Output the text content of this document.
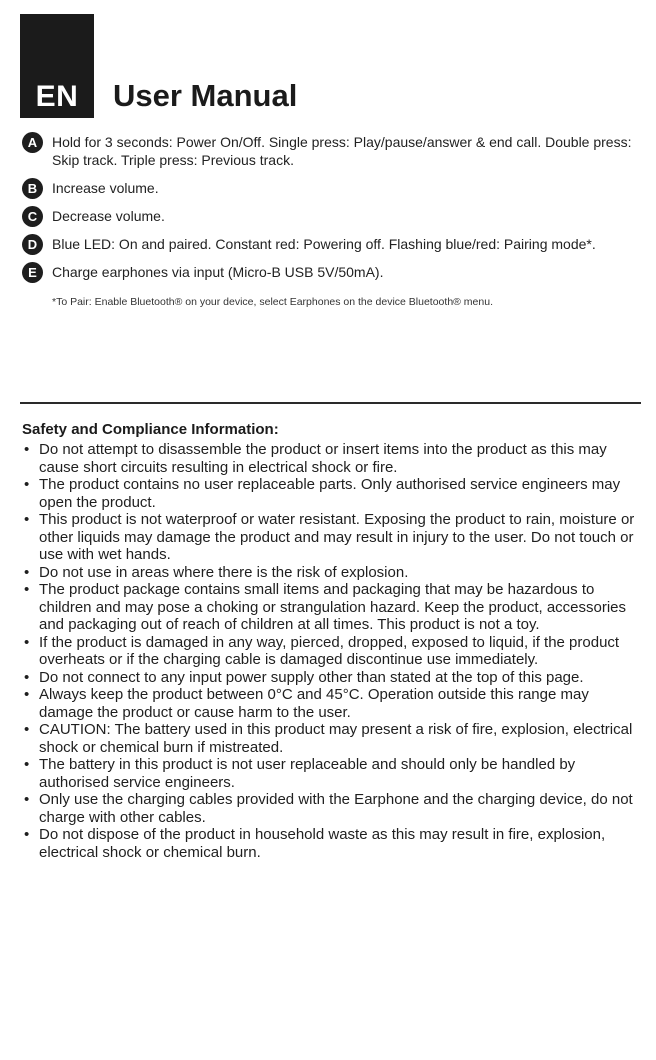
EN	User Manual
A	Hold for 3 seconds: Power On/Off. Single press: Play/pause/answer & end call. Double press: Skip track. Triple press: Previous track.
B	Increase volume.
C	Decrease volume.
D	Blue LED: On and paired. Constant red: Powering off. Flashing blue/red: Pairing mode*.
E	Charge earphones via input (Micro-B USB 5V/50mA).
*To Pair: Enable Bluetooth® on your device, select Earphones on the device Bluetooth® menu.
Safety and Compliance Information:
• Do not attempt to disassemble the product or insert items into the product as this may cause short circuits resulting in electrical shock or fire.
• The product contains no user replaceable parts. Only authorised service engineers may open the product.
• This product is not waterproof or water resistant. Exposing the product to rain, moisture or other liquids may damage the product and may result in injury to the user. Do not touch or use with wet hands.
• Do not use in areas where there is the risk of explosion.
• The product package contains small items and packaging that may be hazardous to children and may pose a choking or strangulation hazard. Keep the product, accessories and packaging out of reach of children at all times. This product is not a toy.
• If the product is damaged in any way, pierced, dropped, exposed to liquid, if the product overheats or if the charging cable is damaged discontinue use immediately.
• Do not connect to any input power supply other than stated at the top of this page.
• Always keep the product between 0°C and 45°C. Operation outside this range may damage the product or cause harm to the user.
• CAUTION: The battery used in this product may present a risk of fire, explosion, electrical shock or chemical burn if mistreated.
• The battery in this product is not user replaceable and should only be handled by authorised service engineers.
• Only use the charging cables provided with the Earphone and the charging device, do not charge with other cables.
• Do not dispose of the product in household waste as this may result in fire, explosion, electrical shock or chemical burn.
